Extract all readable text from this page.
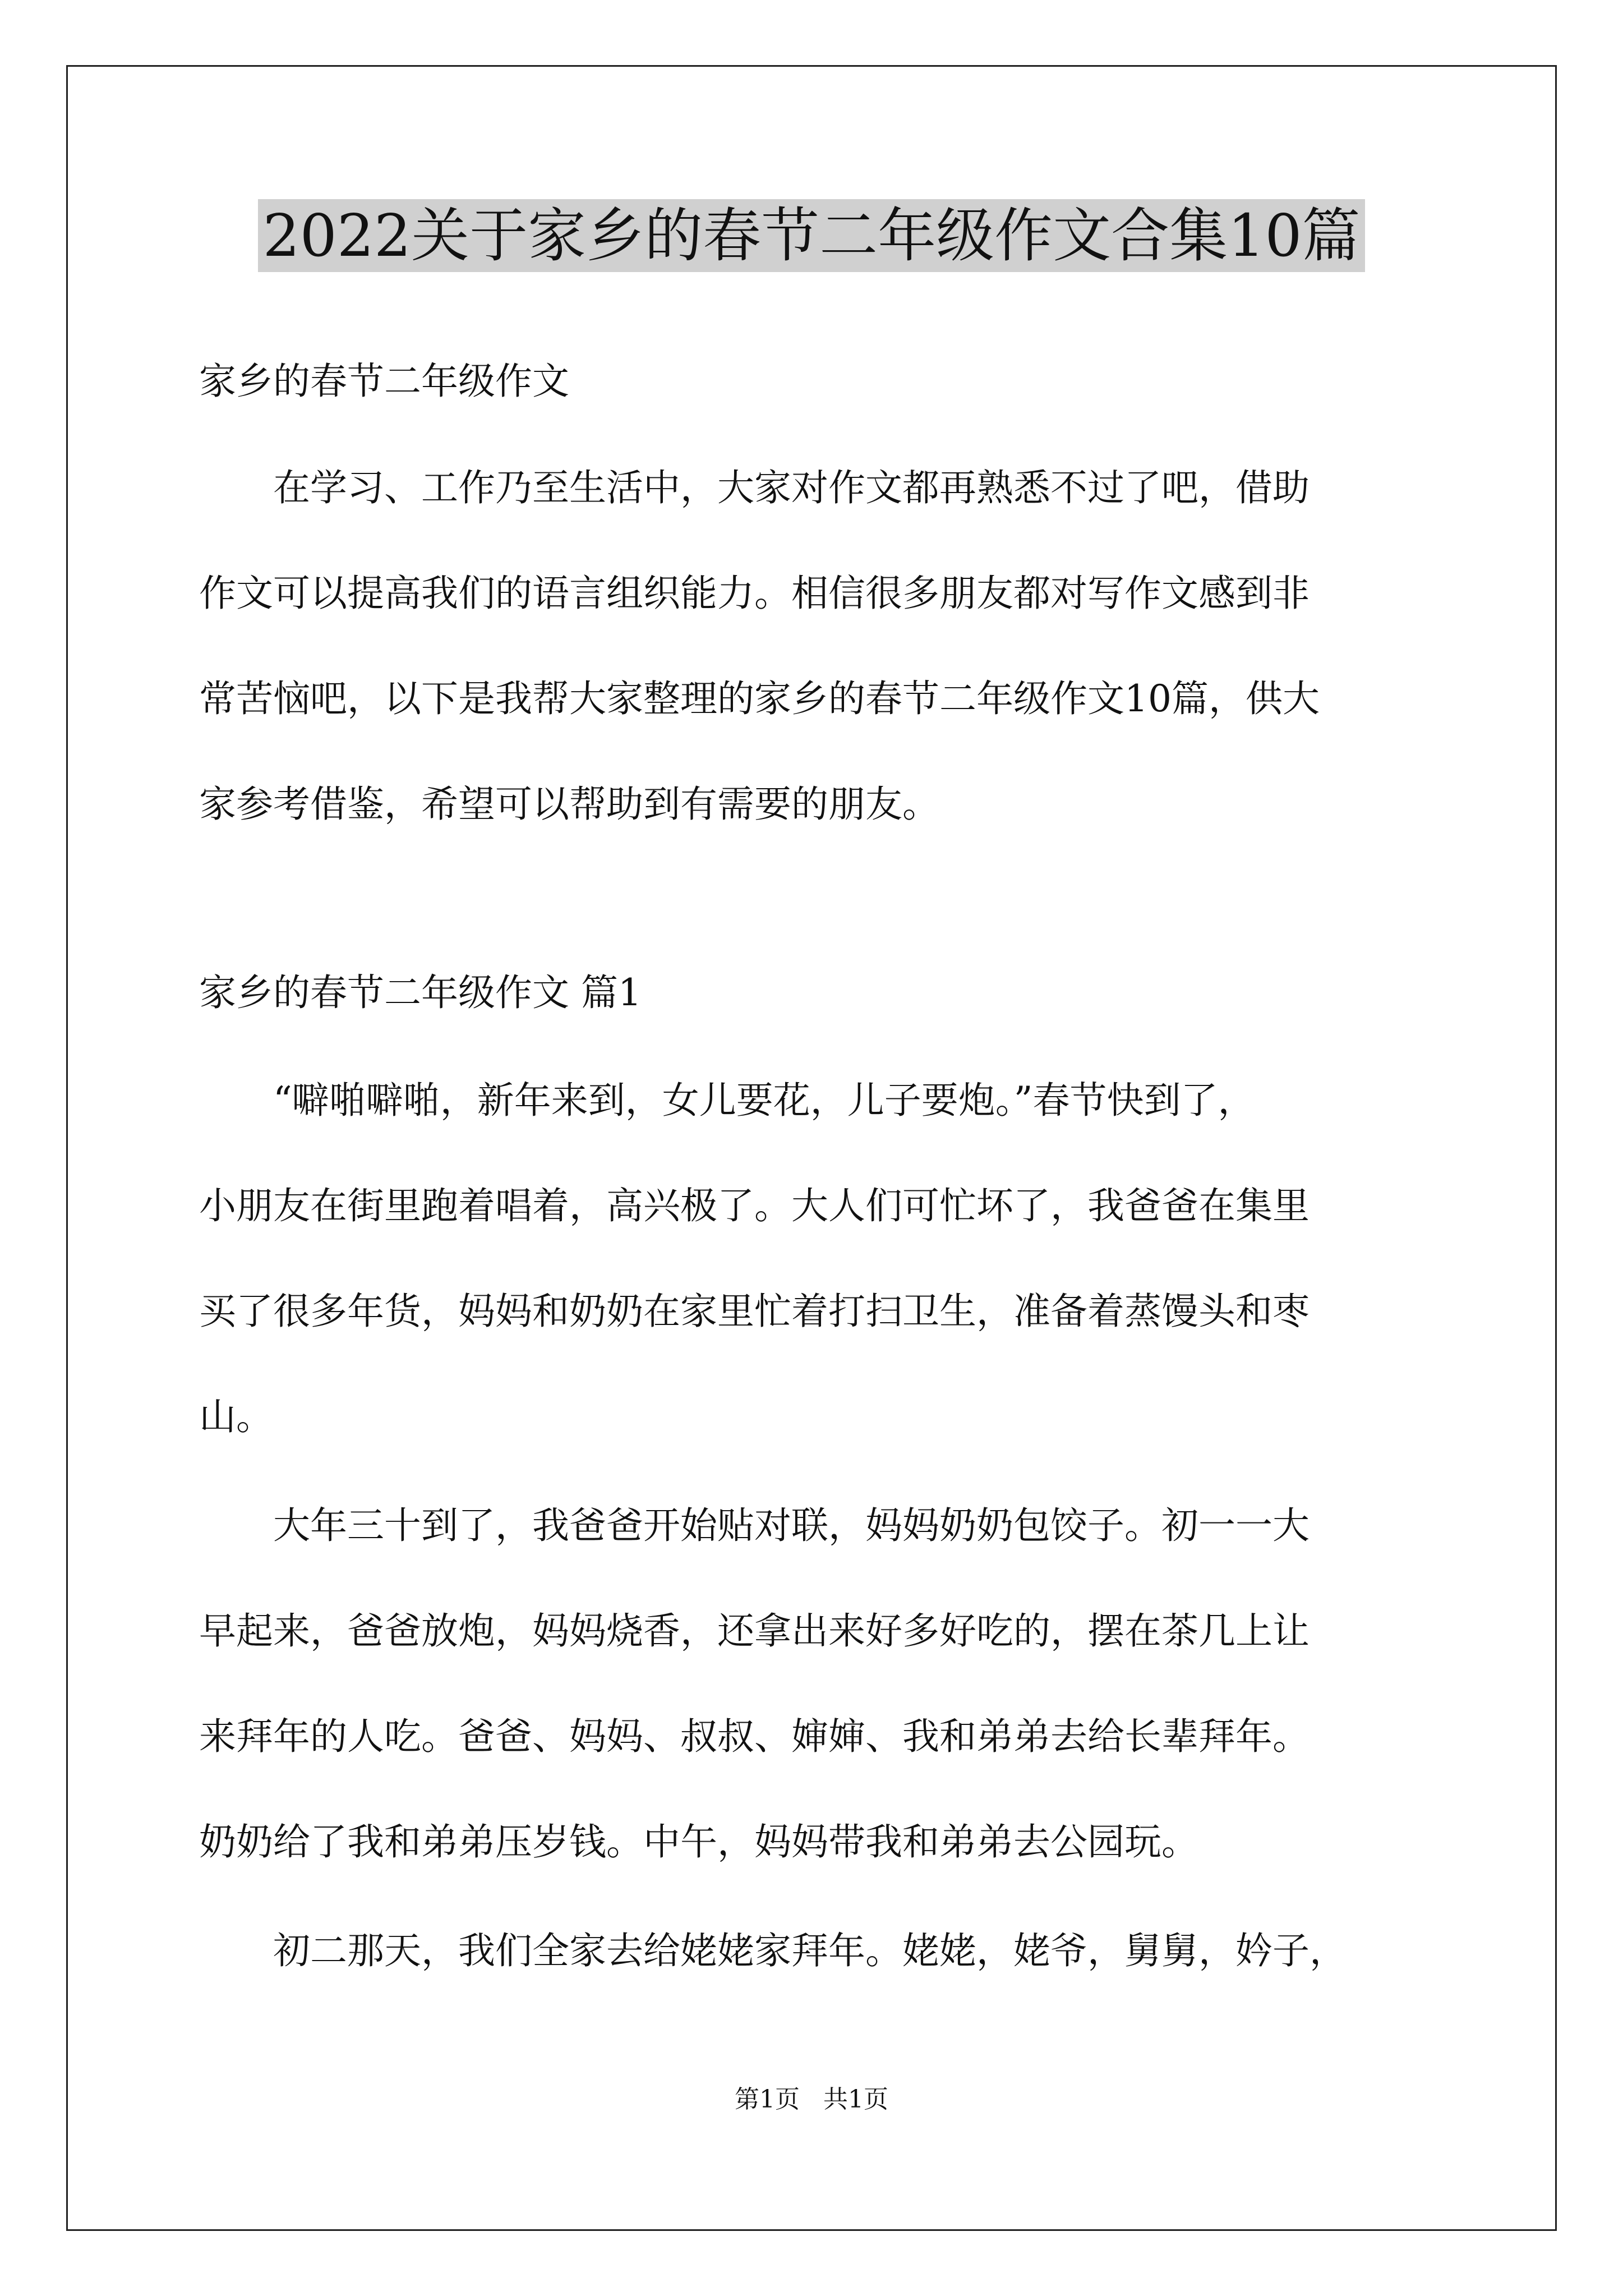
2022关于家乡的春节二年级作文合集10篇
家乡的春节二年级作文
　　在学习、工作乃至生活中，大家对作文都再熟悉不过了吧，借助
作文可以提高我们的语言组织能力。相信很多朋友都对写作文感到非
常苦恼吧，以下是我帮大家整理的家乡的春节二年级作文10篇，供大
家参考借鉴，希望可以帮助到有需要的朋友。
家乡的春节二年级作文 篇1
　　“噼啪噼啪，新年来到，女儿要花，儿子要炮。”春节快到了，
小朋友在街里跑着唱着，高兴极了。大人们可忙坏了，我爸爸在集里
买了很多年货，妈妈和奶奶在家里忙着打扫卫生，准备着蒸馒头和枣
山。
　　大年三十到了，我爸爸开始贴对联，妈妈奶奶包饺子。初一一大
早起来，爸爸放炮，妈妈烧香，还拿出来好多好吃的，摆在茶几上让
来拜年的人吃。爸爸、妈妈、叔叔、婶婶、我和弟弟去给长辈拜年。
奶奶给了我和弟弟压岁钱。中午，妈妈带我和弟弟去公园玩。
　　初二那天，我们全家去给姥姥家拜年。姥姥，姥爷，舅舅，妗子，
第1页   共1页
